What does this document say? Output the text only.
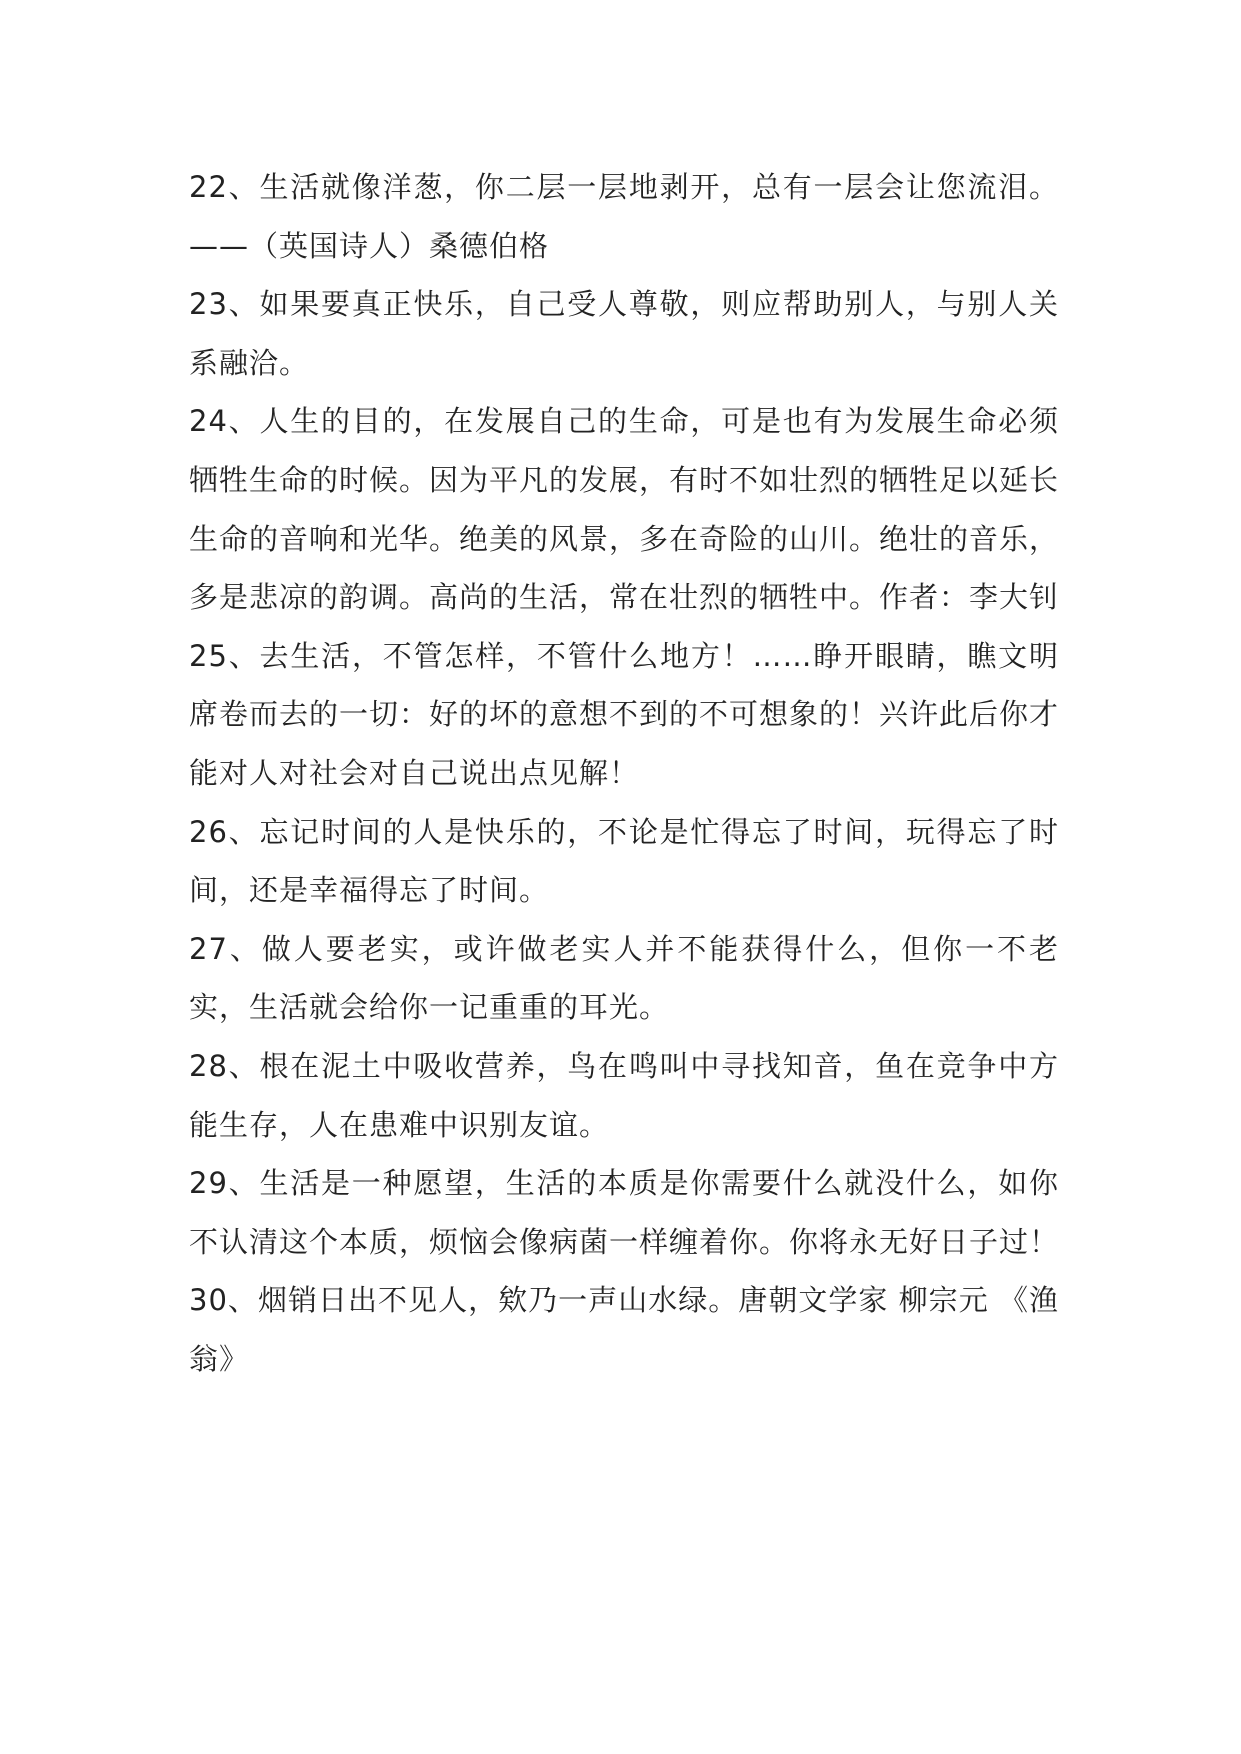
22、生活就像洋葱，你二层一层地剥开，总有一层会让您流泪。——（英国诗人）桑德伯格

23、如果要真正快乐，自己受人尊敬，则应帮助别人，与别人关系融洽。

24、人生的目的，在发展自己的生命，可是也有为发展生命必须牺牲生命的时候。因为平凡的发展，有时不如壮烈的牺牲足以延长生命的音响和光华。绝美的风景，多在奇险的山川。绝壮的音乐，多是悲凉的韵调。高尚的生活，常在壮烈的牺牲中。作者：李大钊

25、去生活，不管怎样，不管什么地方！……睁开眼睛，瞧文明席卷而去的一切：好的坏的意想不到的不可想象的！兴许此后你才能对人对社会对自己说出点见解！

26、忘记时间的人是快乐的，不论是忙得忘了时间，玩得忘了时间，还是幸福得忘了时间。

27、做人要老实，或许做老实人并不能获得什么，但你一不老实，生活就会给你一记重重的耳光。

28、根在泥土中吸收营养，鸟在鸣叫中寻找知音，鱼在竞争中方能生存，人在患难中识别友谊。

29、生活是一种愿望，生活的本质是你需要什么就没什么，如你不认清这个本质，烦恼会像病菌一样缠着你。你将永无好日子过！

30、烟销日出不见人，欸乃一声山水绿。唐朝文学家 柳宗元 《渔翁》
